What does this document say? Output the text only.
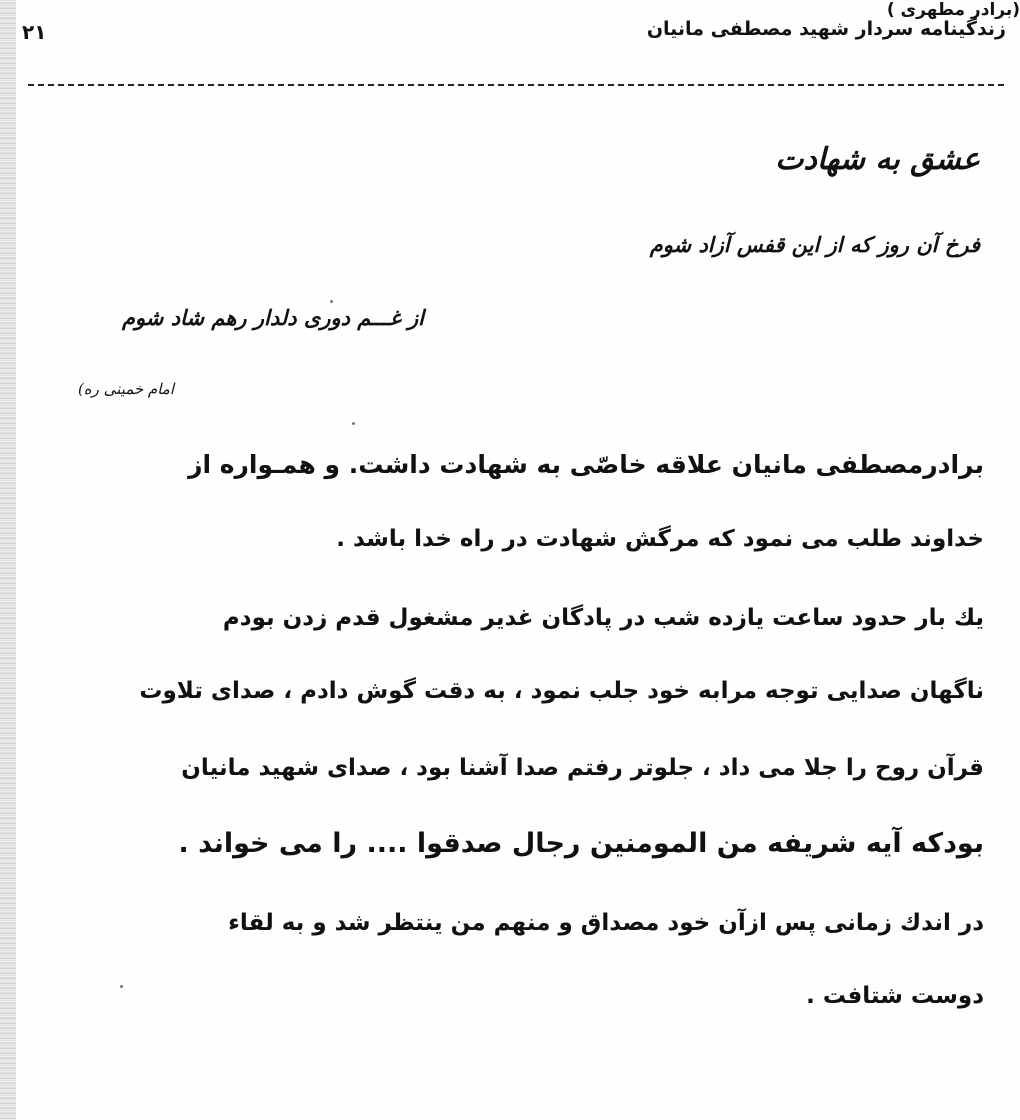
۲۱	زندگینامه سردار شهید مصطفی مانیان
عشق به شهادت
فرخ آن روز که از این قفس آزاد شوم
از غـــم دوری دلدار رهم شاد شوم
امام خمینی ره)
برادرمصطفی مانیان علاقه خاصّی به شهادت داشت. و همـواره از
خداوند طلب می نمود که مرگش شهادت در راه خدا باشد .
یك بار حدود ساعت یازده شب در پادگان غدیر مشغول قدم زدن بودم
ناگهان صدایی توجه مرابه خود جلب نمود ، به دقت گوش دادم ، صدای تلاوت
قرآن روح را جلا می داد ، جلوتر رفتم صدا آشنا بود ، صدای شهید مانیان
بودکه آیه شریفه من المومنین رجال صدقوا .... را می خواند .
در اندك زمانی پس ازآن خود مصداق و منهم من ینتظر شد و به لقاء
دوست شتافت .
(برادر مطهری )
